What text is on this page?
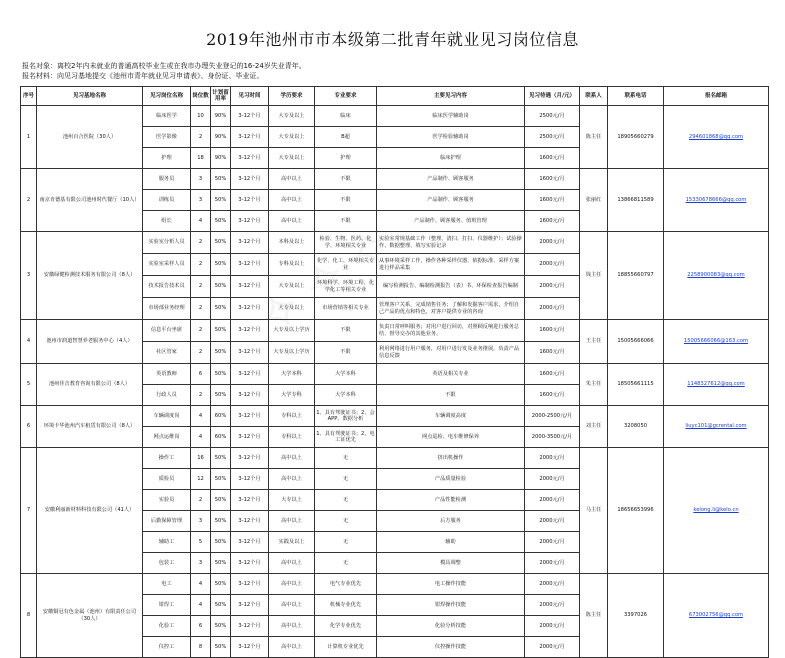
2019年池州市市本级第二批青年就业见习岗位信息
报名对象：离校2年内未就业的普通高校毕业生或在我市办理失业登记的16-24岁失业青年。
报名材料：向见习基地提交《池州市青年就业见习申请表》、身份证、毕业证。
序号	见习基地名称	见习岗位名称	岗位数	计划留用率	见习时间	学历要求	专业要求	主要见习内容	见习待遇（月/元）	联系人	联系电话	报名邮箱
1	池州百合医院（30人）	临床医学	10	90%	3-12个月	大专及以上	临床	临床医学辅助岗	2500元/月	陈主任	18905660279	294601868@qq.com
		医学影像	2	90%	3-12个月	大专及以上	B超	医学检验辅助岗	2500元/月			
		护理	18	90%	3-12个月	大专及以上	护理	临床护理	1600元/月			
2	南京肯德基有限公司池州时代餐厅（10人）	服务员	3	50%	3-12个月	高中以上	不限	产品制作、顾客服务	1600元/月	张丽红	13866811589	15330678666@qq.com
		训练员	3	50%	3-12个月	高中以上	不限	产品制作、顾客服务	1600元/月			
		组长	4	50%	3-12个月	高中以上	不限	产品制作、顾客服务、值班管理	1600元/月			
3	安徽绿健检测技术服务有限公司（8人）	实验室分析人员	2	50%	3-12个月	本科及以上	检验、生物、医药、化学、环境相关专业	实验室常规基础工作（整理、清扫、打扫、仪器维护）；试验操作、数据整理、填写实验记录	2000元/月	钱主任	18855660797	2258900083@qq.com
		实验室采样人员	2	50%	3-12个月	专科及以上	化学、化工、环境相关专业	从事环境采样工作，操作各种采样仪器，依据标准、采样方案进行样品采集	2000元/月			
		技术报告技术员	2	50%	3-12个月	大专及以上	环境科学、环境工程、化学化工等相关专业	编写检测报告、编制检测报告（表）书、环保检查报告编制	2000元/月			
		市场部业务经理	2	50%	3-12个月	大专及以上	市场营销等相关专业	管理客户关系，完成销售任务；了解和发掘客户需求，介绍自己产品的优点和特色，对客户提供专业的咨询	2000元/月			
4	池州市润道智慧养老服务中心（4人）	信息平台坐席	2	50%	3-12个月	大专及以上学历	不限	负责日常呼叫服务；对用户进行回访，对照顾反响进行服务总结、督导交办的其他业务。	1600元/月	王主任	15005666066	15005666066@163.com
		社区管家	2	50%	3-12个月	大专及以上学历	不限	利用网络进行用户服务，对用户进行发及业务推展，负责产品信息反馈	1600元/月			
5	池州佳音教育咨询有限公司（8人）	英语教师	6	50%	3-12个月	大学本科	大学本科	英语及相关专业	1600元/月	朱主任	18505661115	1148327612@qq.com
		行政人员	2	50%	3-12个月	大学专科	大学本科	不限	1600元/月			
6	环境卡华池州汽车租赁有限公司（8人）	车辆调度岗	4	60%	3-12个月	专科以上	1、具有驾驶证书；2、会APP、数据分析	车辆调度高度	2000-2500元/月	刘主任	3208050	liuyc101@gcrental.com
		网点运维岗	4	60%	3-12个月	专科以上	1、具有驾驶证书；2、电工证优先	网点巡检、电车维修保养	2000-3500元/月			
7	安徽利丽新材料科技有限公司（41人）	操作工	16	50%	3-12个月	高中以上	无	挤出机操作	2000元/月	马主任	18656653996	kelong.li@kelo.cn
		质检员	12	50%	3-12个月	高中以上	无	产品质量检验	2000元/月			
		实验员	2	50%	3-12个月	大专以上	无	产品性能检测	2000元/月			
		后勤保障管理	3	50%	3-12个月	高中以上	无	后方服务	2000元/月			
		辅助工	5	50%	3-12个月	实践及以上	无	辅助	2000元/月			
		包装工	3	50%	3-12个月	高中以上	无	模具调整	2000元/月			
8	安徽铜冠有色金属（池州）有限责任公司（30人）	电工	4	50%	3-12个月	高中以上	电气专业优先	电工操作技能	2000元/月	陈主任	3397026	673002756@qq.com
		钳焊工	4	50%	3-12个月	高中以上	机械专业优先	钳焊操作技能	2000元/月			
		化验工	6	50%	3-12个月	高中以上	化学专业优先	化验分析技能	2000元/月			
		仪控工	8	50%	3-12个月	高中以上	计算机专业优先	仪控操作技能	2000元/月			
